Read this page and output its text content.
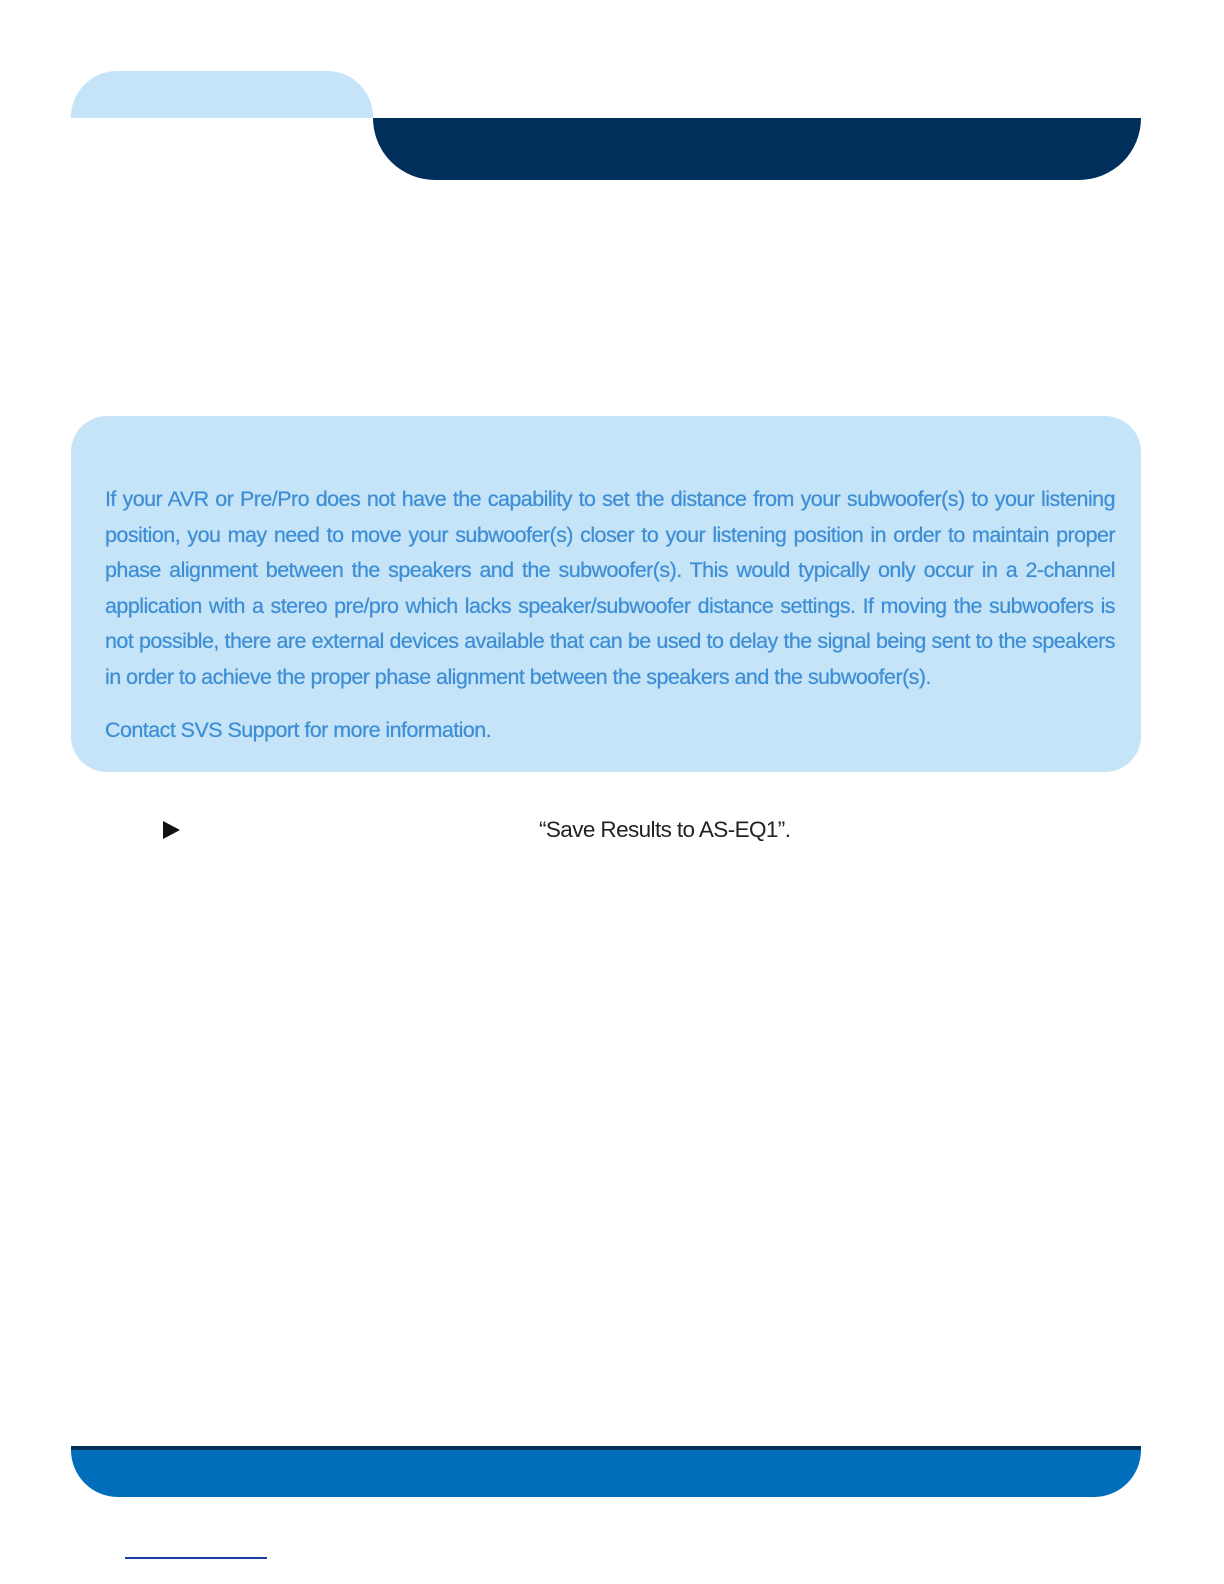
If your AVR or Pre/Pro does not have the capability to set the distance from your subwoofer(s) to your listening position, you may need to move your subwoofer(s) closer to your listening position in order to maintain proper phase alignment between the speakers and the subwoofer(s). This would typically only occur in a 2-channel application with a stereo pre/pro which lacks speaker/subwoofer distance settings. If moving the subwoofers is not possible, there are external devices available that can be used to delay the signal being sent to the speakers in order to achieve the proper phase alignment between the speakers and the subwoofer(s).

Contact SVS Support for more information.

“Save Results to AS-EQ1”.
